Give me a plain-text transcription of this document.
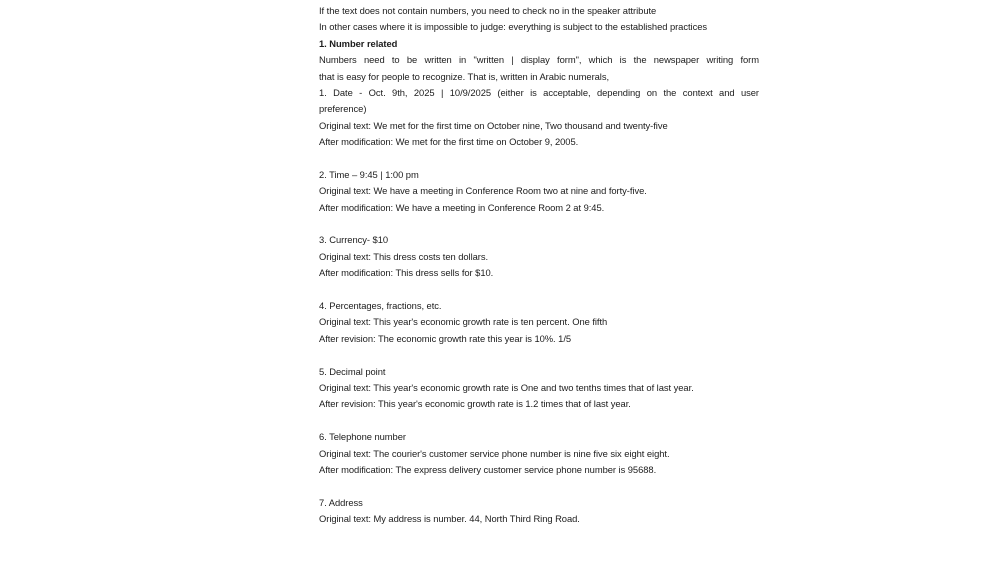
If the text does not contain numbers, you need to check no in the speaker attribute
In other cases where it is impossible to judge: everything is subject to the established practices
1. Number related
Numbers need to be written in "written | display form", which is the newspaper writing form
that is easy for people to recognize. That is, written in Arabic numerals,
1. Date - Oct. 9th, 2025 | 10/9/2025 (either is acceptable, depending on the context and user
preference)
Original text: We met for the first time on October nine, Two thousand and twenty-five
After modification: We met for the first time on October 9, 2005.
2. Time – 9:45 | 1:00 pm
Original text: We have a meeting in Conference Room two at nine and forty-five.
After modification: We have a meeting in Conference Room 2 at 9:45.
3. Currency- $10
Original text: This dress costs ten dollars.
After modification: This dress sells for $10.
4. Percentages, fractions, etc.
Original text: This year's economic growth rate is ten percent. One fifth
After revision: The economic growth rate this year is 10%. 1/5
5. Decimal point
Original text: This year's economic growth rate is One and two tenths times that of last year.
After revision: This year's economic growth rate is 1.2 times that of last year.
6. Telephone number
Original text: The courier's customer service phone number is nine five six eight eight.
After modification: The express delivery customer service phone number is 95688.
7. Address
Original text: My address is number. 44, North Third Ring Road.
